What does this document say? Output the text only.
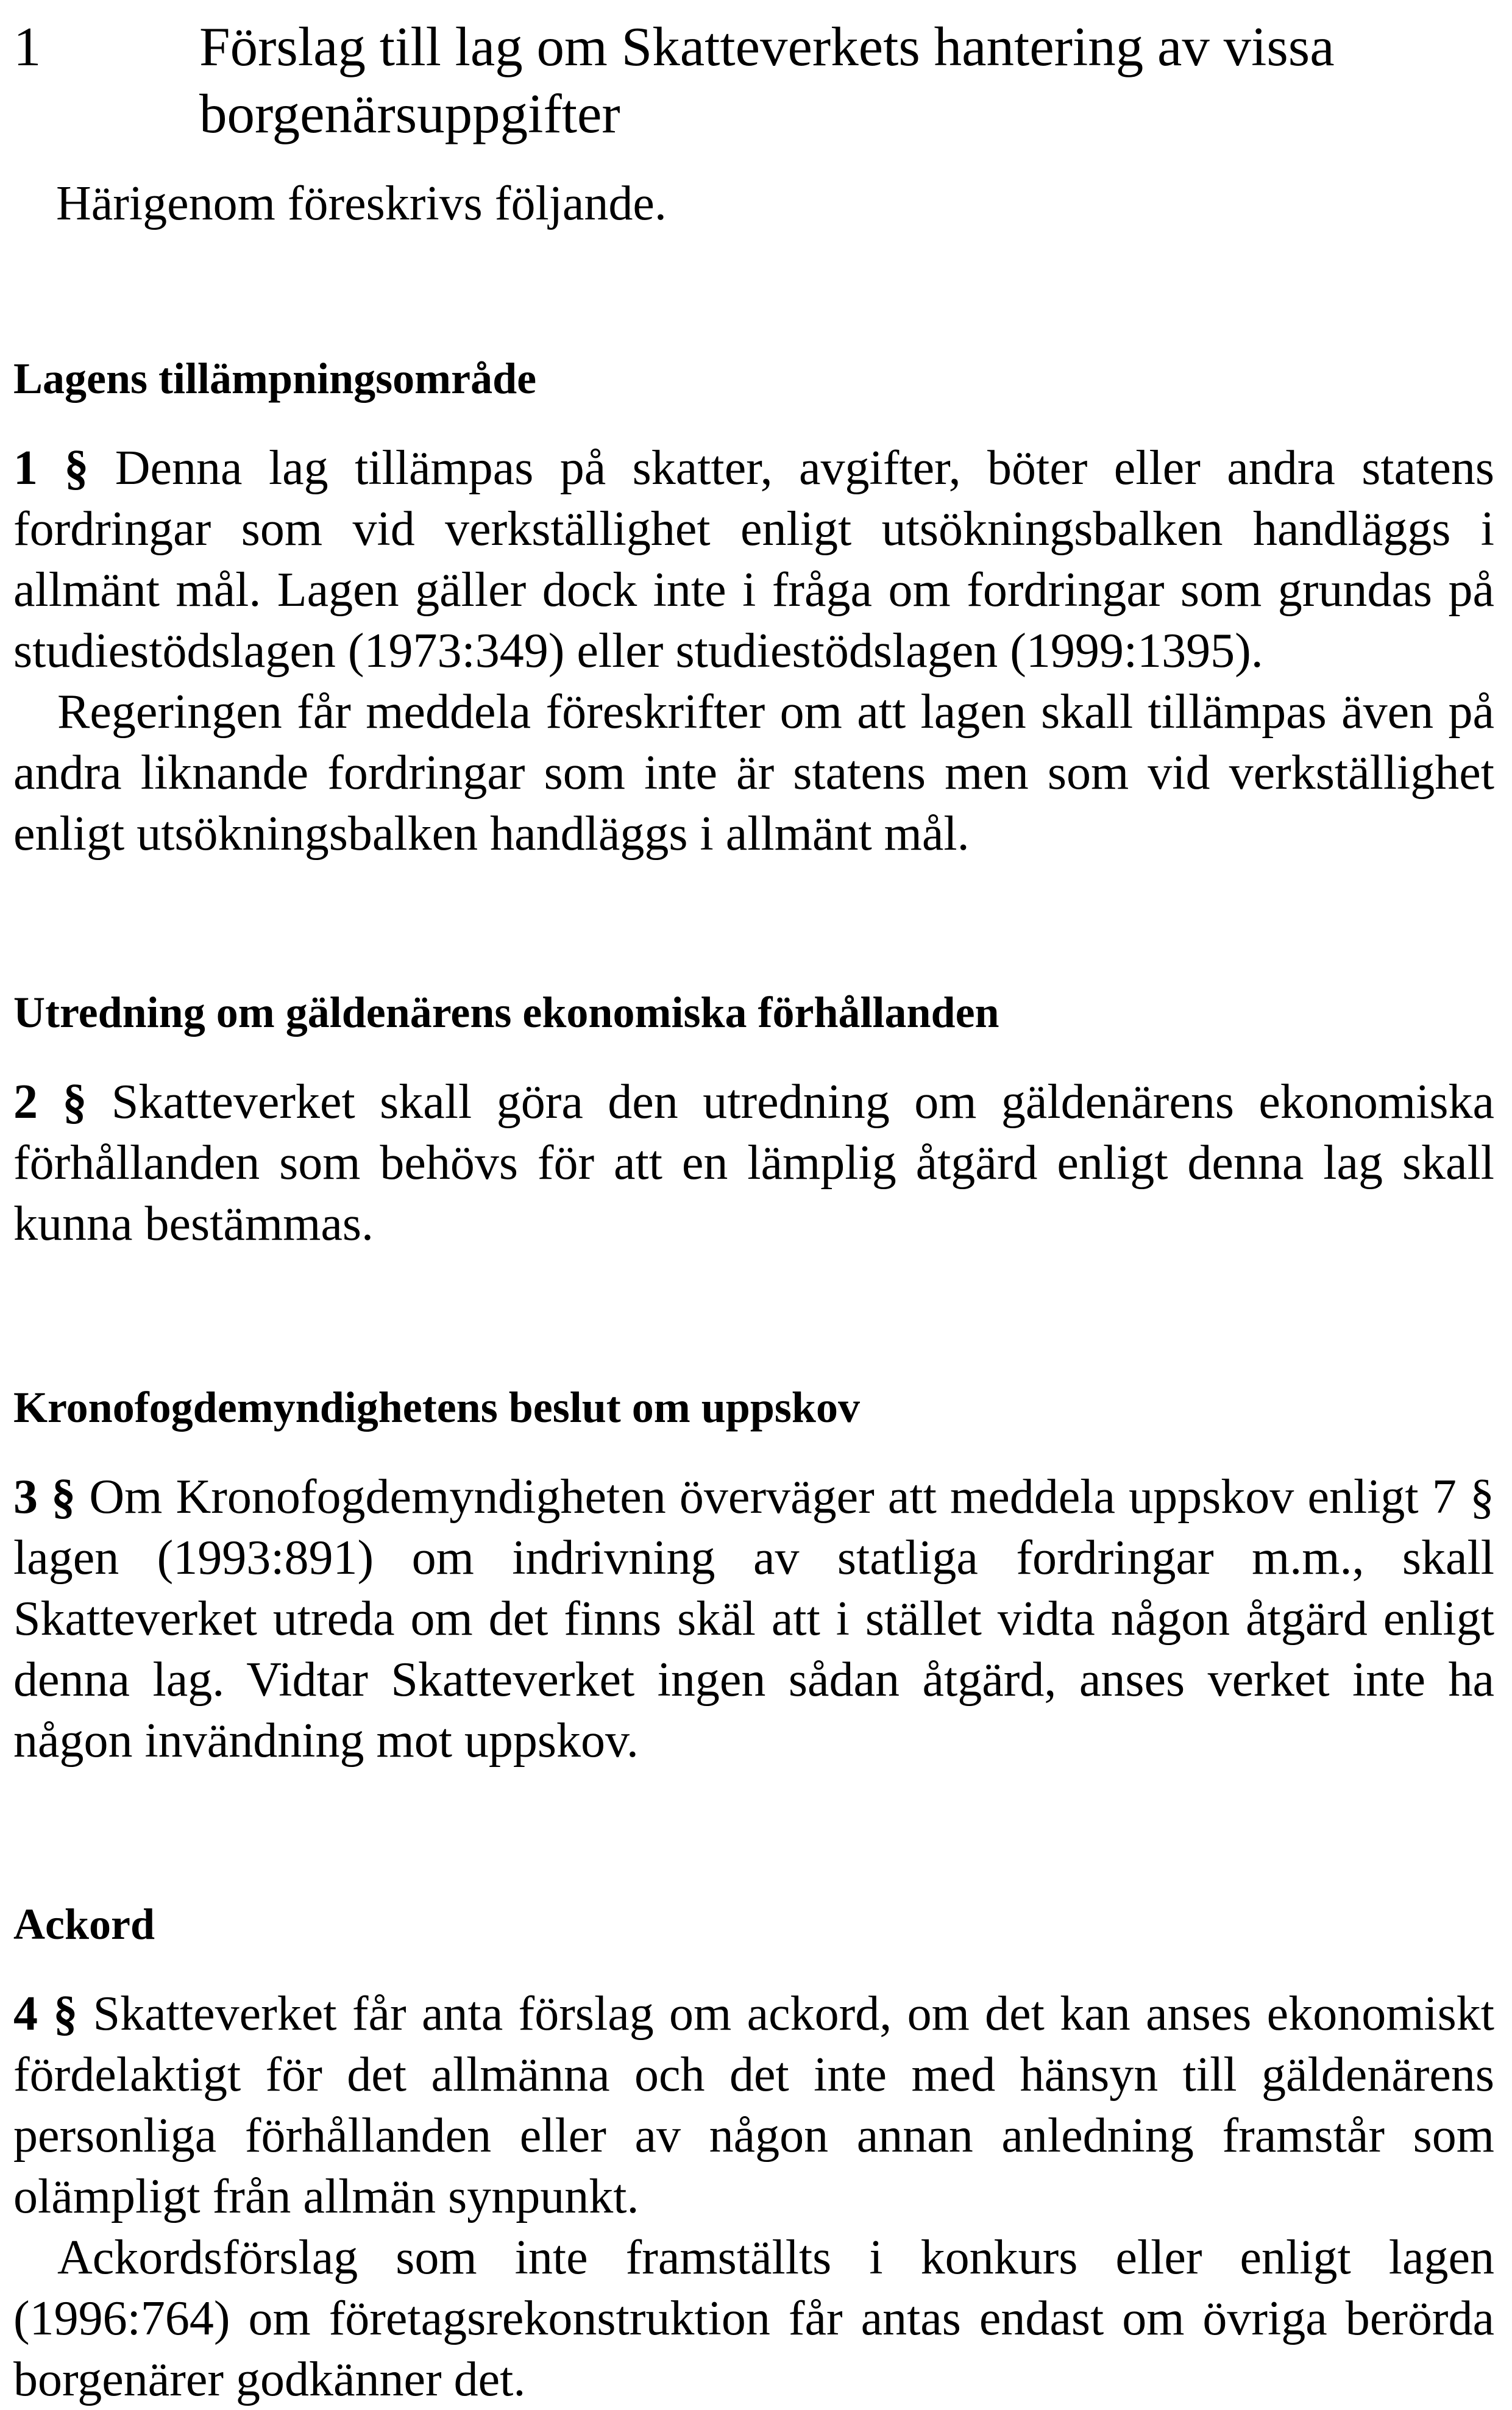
1	Förslag till lag om Skatteverkets hantering av vissa borgenärsuppgifter

Härigenom föreskrivs följande.

Lagens tillämpningsområde

1 § Denna lag tillämpas på skatter, avgifter, böter eller andra statens fordringar som vid verkställighet enligt utsökningsbalken handläggs i allmänt mål. Lagen gäller dock inte i fråga om fordringar som grundas på studiestödslagen (1973:349) eller studiestödslagen (1999:1395).

Regeringen får meddela föreskrifter om att lagen skall tillämpas även på andra liknande fordringar som inte är statens men som vid verkställighet enligt utsökningsbalken handläggs i allmänt mål.

Utredning om gäldenärens ekonomiska förhållanden

2 § Skatteverket skall göra den utredning om gäldenärens ekonomiska förhållanden som behövs för att en lämplig åtgärd enligt denna lag skall kunna bestämmas.

Kronofogdemyndighetens beslut om uppskov

3 § Om Kronofogdemyndigheten överväger att meddela uppskov enligt 7 § lagen (1993:891) om indrivning av statliga fordringar m.m., skall Skatteverket utreda om det finns skäl att i stället vidta någon åtgärd enligt denna lag. Vidtar Skatteverket ingen sådan åtgärd, anses verket inte ha någon invändning mot uppskov.

Ackord

4 § Skatteverket får anta förslag om ackord, om det kan anses ekonomiskt fördelaktigt för det allmänna och det inte med hänsyn till gäldenärens personliga förhållanden eller av någon annan anledning framstår som olämpligt från allmän synpunkt.

Ackordsförslag som inte framställts i konkurs eller enligt lagen (1996:764) om företagsrekonstruktion får antas endast om övriga berörda borgenärer godkänner det.
